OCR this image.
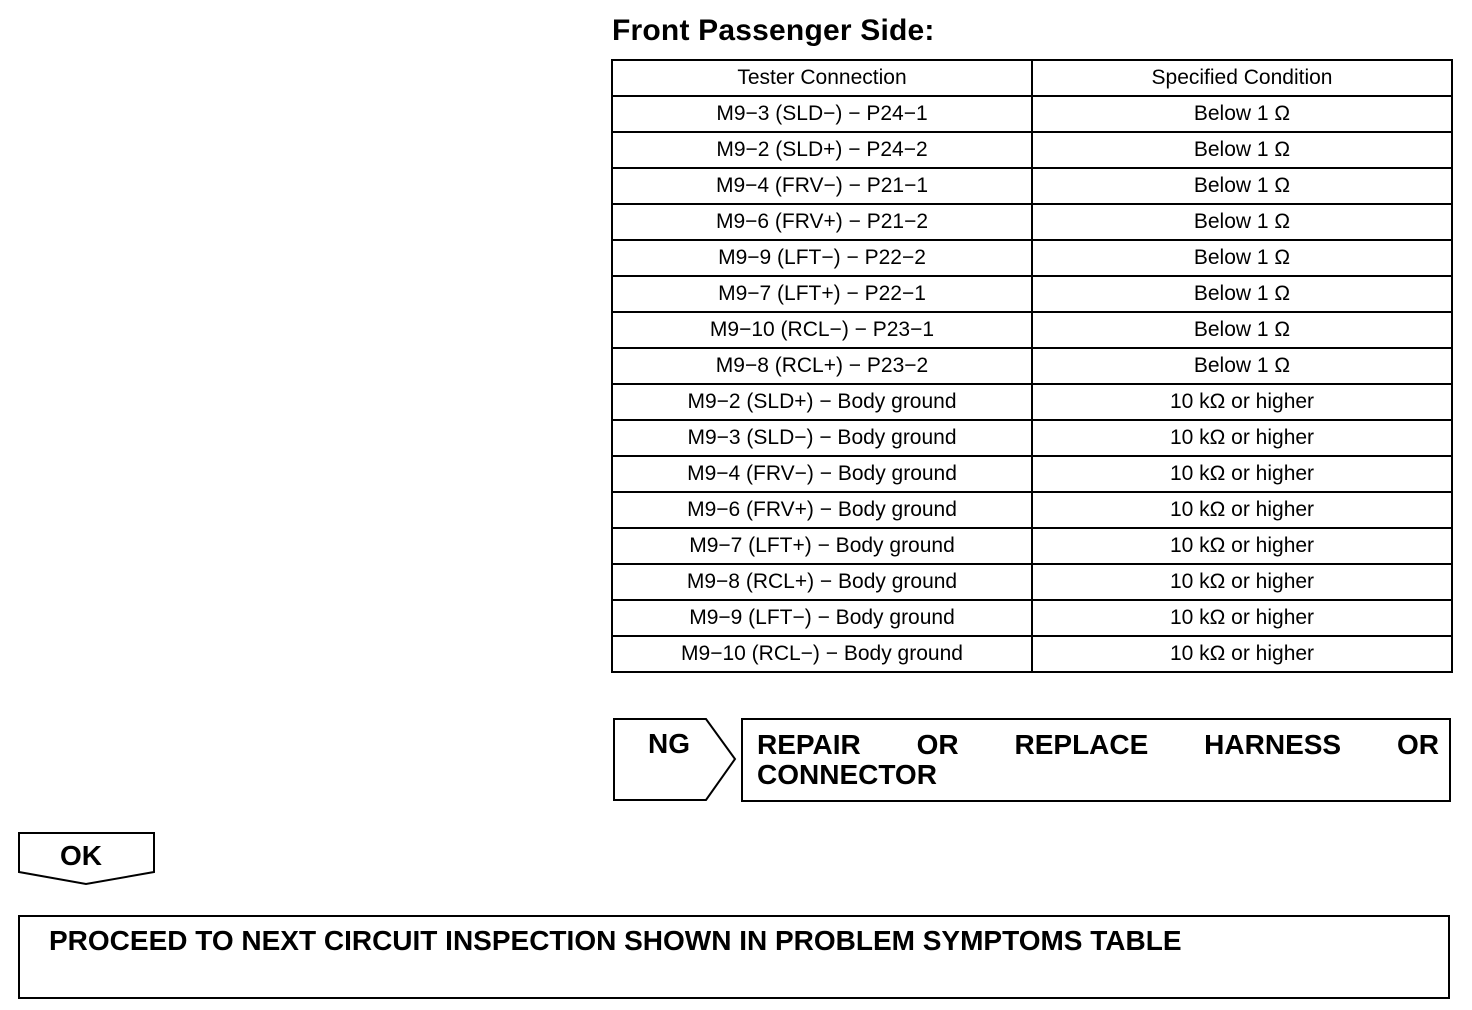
Front Passenger Side:
Tester Connection	Specified Condition
M9−3 (SLD−) − P24−1	Below 1 Ω
M9−2 (SLD+) − P24−2	Below 1 Ω
M9−4 (FRV−) − P21−1	Below 1 Ω
M9−6 (FRV+) − P21−2	Below 1 Ω
M9−9 (LFT−) − P22−2	Below 1 Ω
M9−7 (LFT+) − P22−1	Below 1 Ω
M9−10 (RCL−) − P23−1	Below 1 Ω
M9−8 (RCL+) − P23−2	Below 1 Ω
M9−2 (SLD+) − Body ground	10 kΩ or higher
M9−3 (SLD−) − Body ground	10 kΩ or higher
M9−4 (FRV−) − Body ground	10 kΩ or higher
M9−6 (FRV+) − Body ground	10 kΩ or higher
M9−7 (LFT+) − Body ground	10 kΩ or higher
M9−8 (RCL+) − Body ground	10 kΩ or higher
M9−9 (LFT−) − Body ground	10 kΩ or higher
M9−10 (RCL−) − Body ground	10 kΩ or higher
NG REPAIR OR REPLACE HARNESS OR
CONNECTOR
OK
PROCEED TO NEXT CIRCUIT INSPECTION SHOWN IN PROBLEM SYMPTOMS TABLE
